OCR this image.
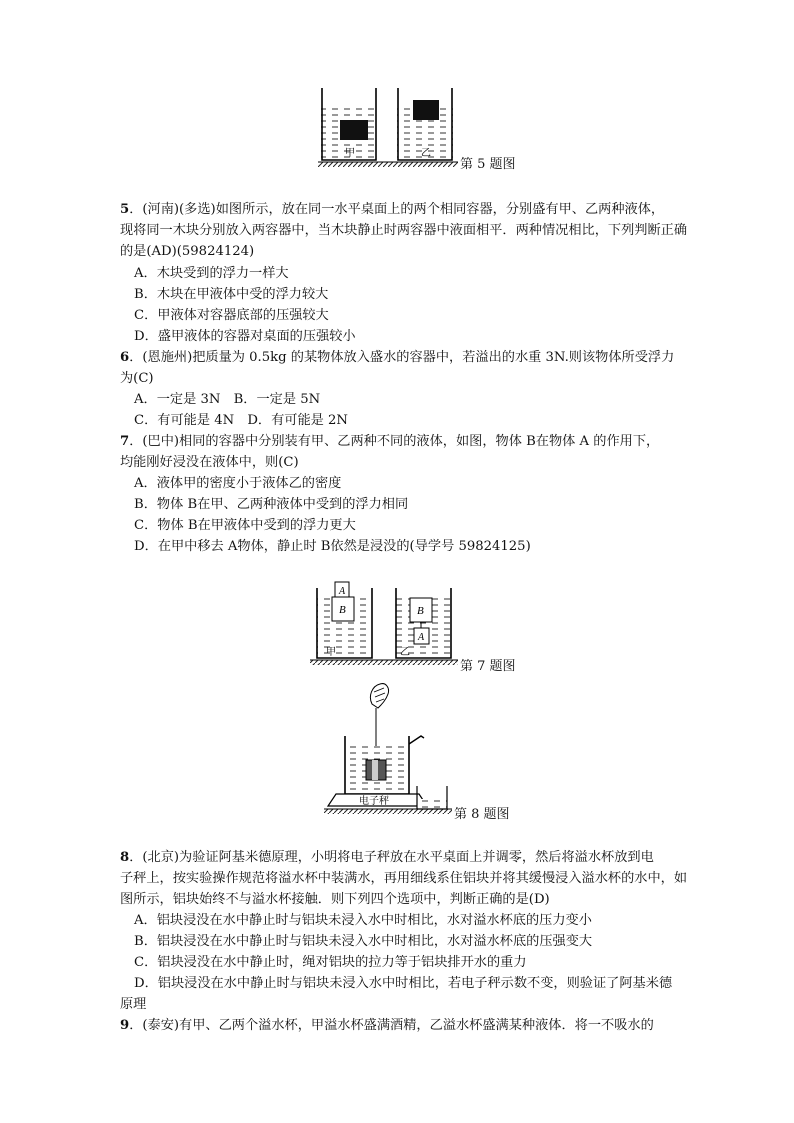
甲	乙
第 5 题图
5．(河南)(多选)如图所示，放在同一水平桌面上的两个相同容器，分别盛有甲、乙两种液体，
现将同一木块分别放入两容器中，当木块静止时两容器中液面相平．两种情况相比，下列判断正确
的是(AD)(59824124)
A．木块受到的浮力一样大
B．木块在甲液体中受的浮力较大
C．甲液体对容器底部的压强较大
D．盛甲液体的容器对桌面的压强较小
6．(恩施州)把质量为 0.5kg 的某物体放入盛水的容器中，若溢出的水重 3N.则该物体所受浮力
为(C)
A．一定是 3N　B．一定是 5N
C．有可能是 4N　D．有可能是 2N
7．(巴中)相同的容器中分别装有甲、乙两种不同的液体，如图，物体 B在物体 A 的作用下，
均能刚好浸没在液体中，则(C)
A．液体甲的密度小于液体乙的密度
B．物体 B在甲、乙两种液体中受到的浮力相同
C．物体 B在甲液体中受到的浮力更大
D．在甲中移去 A物体，静止时 B依然是浸没的(导学号 59824125)
A
B	B
A
甲	乙
第 7 题图
电子秤
第 8 题图
8．(北京)为验证阿基米德原理，小明将电子秤放在水平桌面上并调零，然后将溢水杯放到电
子秤上，按实验操作规范将溢水杯中装满水，再用细线系住铝块并将其缓慢浸入溢水杯的水中，如
图所示，铝块始终不与溢水杯接触．则下列四个选项中，判断正确的是(D)
A．铝块浸没在水中静止时与铝块未浸入水中时相比，水对溢水杯底的压力变小
B．铝块浸没在水中静止时与铝块未浸入水中时相比，水对溢水杯底的压强变大
C．铝块浸没在水中静止时，绳对铝块的拉力等于铝块排开水的重力
D．铝块浸没在水中静止时与铝块未浸入水中时相比，若电子秤示数不变，则验证了阿基米德
原理
9．(泰安)有甲、乙两个溢水杯，甲溢水杯盛满酒精，乙溢水杯盛满某种液体．将一不吸水的
